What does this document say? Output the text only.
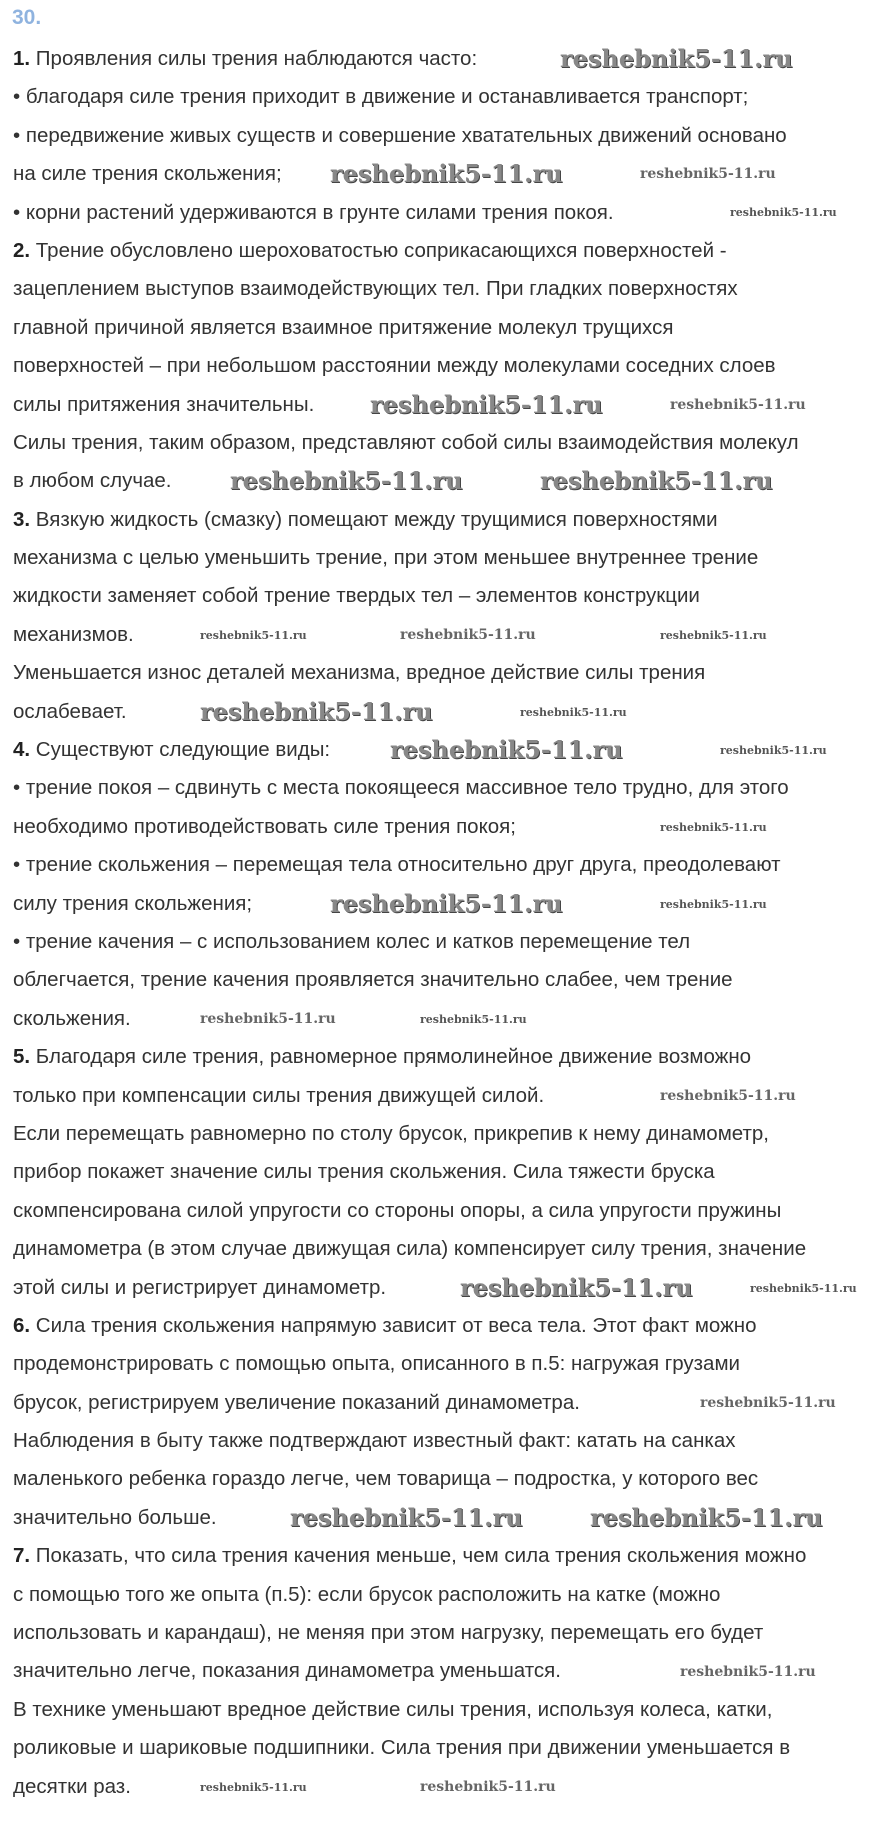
30.
1. Проявления силы трения наблюдаются часто:
• благодаря силе трения приходит в движение и останавливается транспорт;
• передвижение живых существ и совершение хватательных движений основано
на силе трения скольжения;
• корни растений удерживаются в грунте силами трения покоя.
2. Трение обусловлено шероховатостью соприкасающихся поверхностей -
зацеплением выступов взаимодействующих тел. При гладких поверхностях
главной причиной является взаимное притяжение молекул трущихся
поверхностей – при небольшом расстоянии между молекулами соседних слоев
силы притяжения значительны.
Силы трения, таким образом, представляют собой силы взаимодействия молекул
в любом случае.
3. Вязкую жидкость (смазку) помещают между трущимися поверхностями
механизма с целью уменьшить трение, при этом меньшее внутреннее трение
жидкости заменяет собой трение твердых тел – элементов конструкции
механизмов.
Уменьшается износ деталей механизма, вредное действие силы трения
ослабевает.
4. Существуют следующие виды:
• трение покоя – сдвинуть с места покоящееся массивное тело трудно, для этого
необходимо противодействовать силе трения покоя;
• трение скольжения – перемещая тела относительно друг друга, преодолевают
силу трения скольжения;
• трение качения – с использованием колес и катков перемещение тел
облегчается, трение качения проявляется значительно слабее, чем трение
скольжения.
5. Благодаря силе трения, равномерное прямолинейное движение возможно
только при компенсации силы трения движущей силой.
Если перемещать равномерно по столу брусок, прикрепив к нему динамометр,
прибор покажет значение силы трения скольжения. Сила тяжести бруска
скомпенсирована силой упругости со стороны опоры, а сила упругости пружины
динамометра (в этом случае движущая сила) компенсирует силу трения, значение
этой силы и регистрирует динамометр.
6. Сила трения скольжения напрямую зависит от веса тела. Этот факт можно
продемонстрировать с помощью опыта, описанного в п.5: нагружая грузами
брусок, регистрируем увеличение показаний динамометра.
Наблюдения в быту также подтверждают известный факт: катать на санках
маленького ребенка гораздо легче, чем товарища – подростка, у которого вес
значительно больше.
7. Показать, что сила трения качения меньше, чем сила трения скольжения можно
с помощью того же опыта (п.5): если брусок расположить на катке (можно
использовать и карандаш), не меняя при этом нагрузку, перемещать его будет
значительно легче, показания динамометра уменьшатся.
В технике уменьшают вредное действие силы трения, используя колеса, катки,
роликовые и шариковые подшипники. Сила трения при движении уменьшается в
десятки раз.
reshebnik5-11.ru
reshebnik5-11.ru	reshebnik5-11.ru
reshebnik5-11.ru
reshebnik5-11.ru	reshebnik5-11.ru
reshebnik5-11.ru	reshebnik5-11.ru
reshebnik5-11.ru	reshebnik5-11.ru	reshebnik5-11.ru
reshebnik5-11.ru	reshebnik5-11.ru
reshebnik5-11.ru	reshebnik5-11.ru
reshebnik5-11.ru
reshebnik5-11.ru	reshebnik5-11.ru
reshebnik5-11.ru	reshebnik5-11.ru
reshebnik5-11.ru
reshebnik5-11.ru	reshebnik5-11.ru
reshebnik5-11.ru
reshebnik5-11.ru	reshebnik5-11.ru
reshebnik5-11.ru
reshebnik5-11.ru	reshebnik5-11.ru
